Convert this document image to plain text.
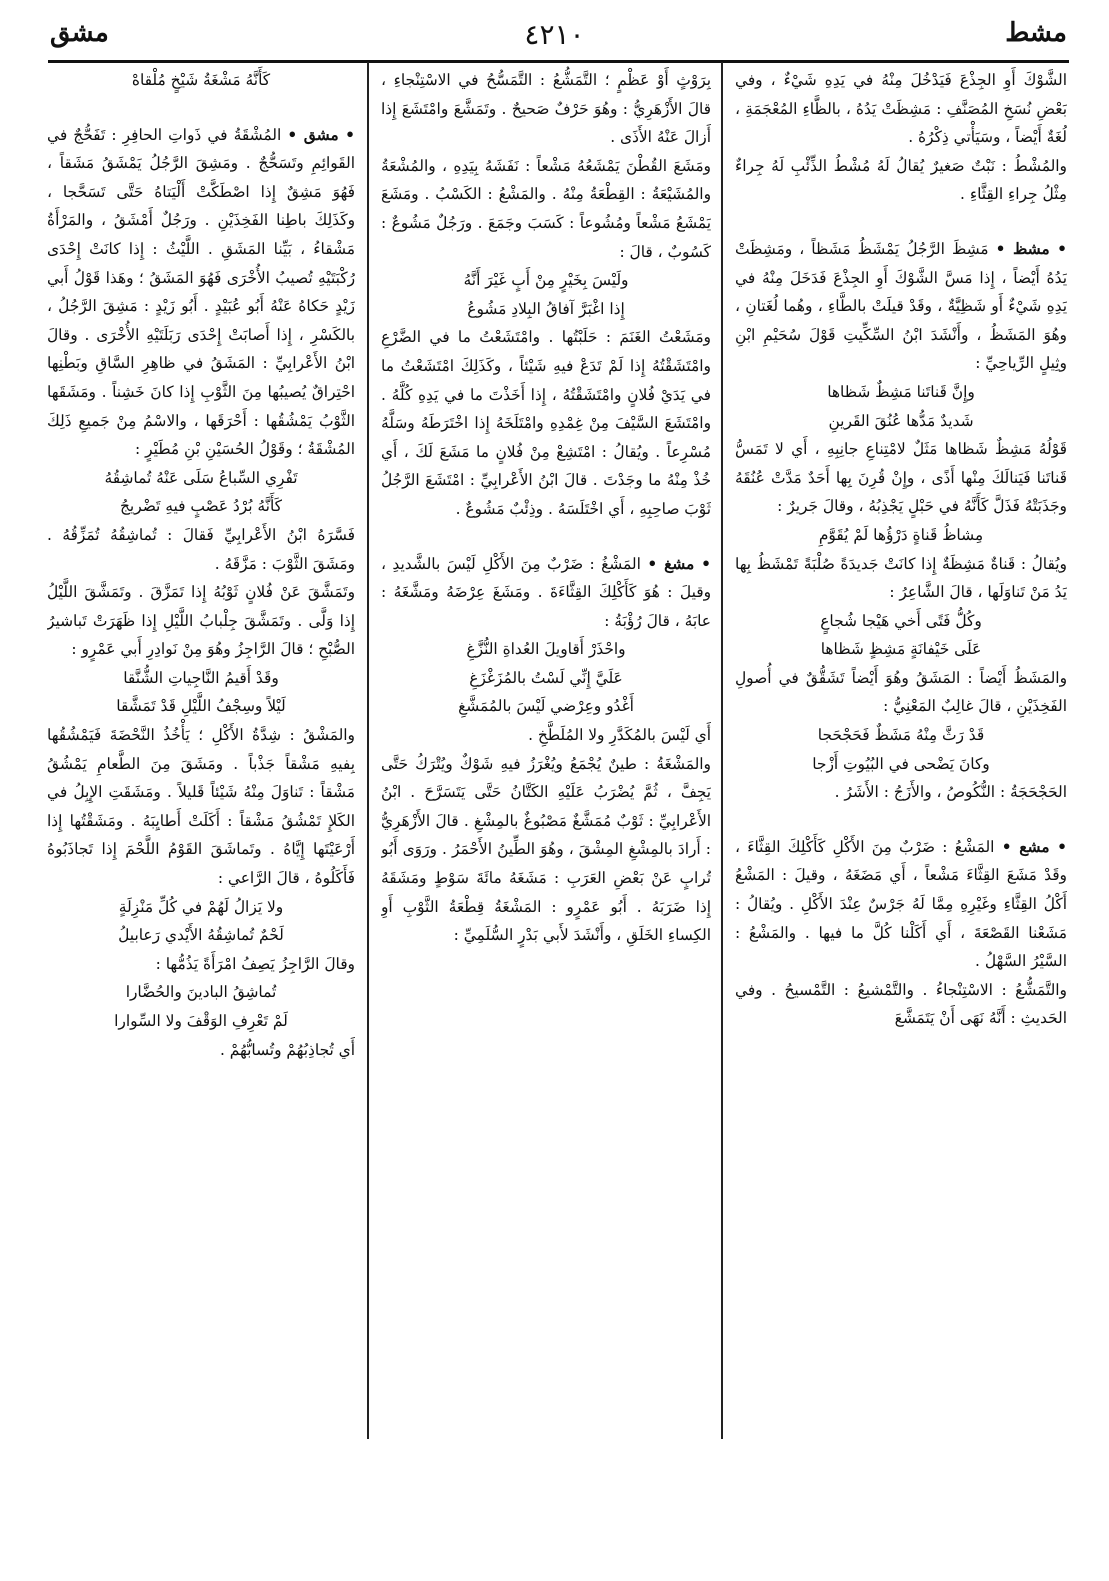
مشط
٤٢١٠
مشق

الشَّوْكَ أَوِ الجِذْعَ فَيَدْخُلَ مِنْهُ في يَدِهِ شَيْءٌ ، وفي بَعْضِ نُسَخِ المُصَنَّفِ : مَشِظَتْ يَدُهُ ، بالظَّاءِ المُعْجَمَةِ ، لُغَةٌ أَيْضاً ، وسَيَأْتي ذِكْرُهُ .

والمُشْطُ : نَبْتٌ صَغيرٌ يُقالُ لَهُ مُشْطُ الذِّئْبِ لَهُ جِراءٌ مِثْلُ جِراءِ القِثَّاءِ .

• مشظ • مَشِظَ الرَّجُلُ يَمْشَظُ مَشَظاً ، ومَشِظَتْ يَدُهُ أَيْضاً ، إِذا مَسَّ الشَّوْكَ أَوِ الجِذْعَ فَدَخَلَ مِنْهُ في يَدِهِ شَيْءٌ أَو شَظِيَّةٌ ، وقَدْ قيلَتْ بالطَّاءِ ، وهُما لُغَتانِ ، وهُوَ المَشَظُ ، وأَنْشَدَ ابْنُ السِّكِّيتِ قَوْلَ سُحَيْمِ ابْنِ وثِيلٍ الرِّياحِيِّ :

وإِنَّ قَناتَنا مَشِظٌ شَظاها
شَديدٌ مَدُّها عُنُقَ القَرينِ

قَوْلُهُ مَشِظٌ شَظاها مَثَلٌ لامْتِناعِ جانِبِهِ ، أَي لا تَمَسُّ قَناتَنا فَيَنالَكَ مِنْها أَذًى ، وإِنْ قُرِنَ بِها أَحَدٌ مَدَّتْ عُنُقَهُ وجَذَبَتْهُ فَذَلَّ كَأَنَّهُ في حَبْلٍ يَجْذِبُهُ ، وقالَ جَريرٌ :

مِشاظُ قَناةٍ دَرْؤُها لَمْ يُقَوَّمِ

ويُقالُ : قَناةٌ مَشِظَةٌ إِذا كانَتْ جَديدَةً صُلْبَةً تَمْشَظُ بِها يَدُ مَنْ تَناوَلَها ، قالَ الشَّاعِرُ :

وكُلُّ فَتًى أَخي هَيْجا شُجاعٍ
عَلَى خَيْفانَةٍ مَشِظٍ شَظاها

والمَشَظُ أَيْضاً : المَشَقُ وهُوَ أَيْضاً تَشَقُّقٌ في أُصولِ الفَخِذَيْنِ ، قالَ غالِبٌ المَعْنِيُّ :

قَدْ رَثَّ مِنْهُ مَشَظٌ فَحَجْحَجا
وكانَ يَضْحى في البُيُوتِ أَزْجا

الحَجْحَجَةُ : النُّكُوصُ ، والأَزَجُ : الأَشَرُ .

• مشع • المَشْعُ : ضَرْبٌ مِنَ الأَكْلِ كَأَكْلِكَ القِثَّاءَ ، وقَدْ مَشَعَ القِثَّاءَ مَشْعاً ، أَي مَضَغَهُ ، وقيلَ : المَشْعُ أَكْلُ القِثَّاءِ وغَيْرِهِ مِمَّا لَهُ جَرْسٌ عِنْدَ الأَكْلِ . ويُقالُ : مَشَعْنا القَصْعَةَ ، أَي أَكَلْنا كُلَّ ما فيها . والمَشْعُ : السَّيْرُ السَّهْلُ .

والتَّمَشُّعُ : الاسْتِنْجاءُ . والتَّمْشيعُ : التَّمْسيحُ . وفي الحَديثِ : أَنَّهُ نَهَى أَنْ يَتَمَشَّعَ

بِرَوْثٍ أَوْ عَظْمٍ ؛ التَّمَشُّعُ : التَّمَسُّحُ في الاسْتِنْجاءِ ، قالَ الأَزْهَرِيُّ : وهُوَ حَرْفٌ صَحيحٌ . وتَمَشَّعَ وامْتَشَعَ إِذا أَزالَ عَنْهُ الأَذَى .

ومَشَعَ القُطْنَ يَمْشَعُهُ مَشْعاً : نَفَشَهُ بِيَدِهِ ، والمُشْعَةُ والمُشَيْعَةُ : القِطْعَةُ مِنْهُ . والمَشْعُ : الكَسْبُ . ومَشَعَ يَمْشَعُ مَشْعاً ومُشُوعاً : كَسَبَ وجَمَعَ . ورَجُلٌ مَشُوعٌ : كَسُوبٌ ، قالَ :

ولَيْسَ بِخَيْرٍ مِنْ أَبٍ غَيْرَ أَنَّهُ
إِذا اغْبَرَّ آفاقُ البِلادِ مَشُوعُ

ومَشَعْتُ الغَنَمَ : حَلَبْتُها . وامْتَشَعْتُ ما في الضَّرْعِ وامْتَشَقْتُهُ إِذا لَمْ تَدَعْ فيهِ شَيْئاً ، وكَذَلِكَ امْتَشَعْتُ ما في يَدَيْ فُلانٍ وامْتَشَقْتُهُ ، إِذا أَخَذْتَ ما في يَدِهِ كُلَّهُ . وامْتَشَعَ السَّيْفَ مِنْ غِمْدِهِ وامْتَلَخَهُ إِذا اخْتَرَطَهُ وسَلَّهُ مُسْرِعاً . ويُقالُ : امْتَشِعْ مِنْ فُلانٍ ما مَشَعَ لَكَ ، أَي خُذْ مِنْهُ ما وجَدْتَ . قالَ ابْنُ الأَعْرابِيِّ : امْتَشَعَ الرَّجُلُ ثَوْبَ صاحِبِهِ ، أَي اخْتَلَسَهُ . وذِئْبٌ مَشُوعٌ .

• مشغ • المَشْغُ : ضَرْبٌ مِنَ الأَكْلِ لَيْسَ بالشَّديدِ ، وقيلَ : هُوَ كَأَكْلِكَ القِثَّاءَةَ . ومَشَغَ عِرْضَهُ ومَشَّغَهُ : عابَهُ ، قالَ رُؤْبَةُ :

واحْذَرْ أَقاويلَ العُداةِ النُّزَّغِ
عَلَيَّ إِنِّي لَسْتُ بالمُزَغْزَغِ
أَغْدُو وعِرْضي لَيْسَ بالمُمَشَّغِ

أَي لَيْسَ بالمُكَدَّرِ ولا المُلَطَّخِ .

والمَشْغَةُ : طينٌ يُجْمَعُ ويُغْرَزُ فيهِ شَوْكٌ ويُتْرَكُ حَتَّى يَجِفَّ ، ثُمَّ يُضْرَبُ عَلَيْهِ الكَتَّانُ حَتَّى يَتَسَرَّحَ . ابْنُ الأَعْرابِيِّ : ثَوْبٌ مُمَشَّغٌ مَصْبُوغٌ بالمِشْغِ . قالَ الأَزْهَرِيُّ : أَرادَ بالمِشْغِ المِشْقَ ، وهُوَ الطِّينُ الأَحْمَرُ . ورَوَى أَبُو تُرابٍ عَنْ بَعْضِ العَرَبِ : مَشَغَهُ مائَةَ سَوْطٍ ومَشَقَهُ إِذا ضَرَبَهُ . أَبُو عَمْرٍو : المَشْغَةُ قِطْعَةُ الثَّوْبِ أَوِ الكِساءِ الخَلَقِ ، وأَنْشَدَ لأَبي بَدْرٍ السُّلَمِيِّ :

كَأَنَّهُ مَشْغَةُ شَيْخٍ مُلْقاهْ

• مشق • المُشْقَةُ في ذَواتِ الحافِرِ : تَفَحُّجٌ في القَوائِمِ وتَسَحُّجٌ . ومَشِقَ الرَّجُلُ يَمْشَقُ مَشَقاً ، فَهُوَ مَشِقٌ إِذا اصْطَكَّتْ أَلْيَتاهُ حَتَّى تَسَحَّجا ، وكَذَلِكَ باطِنا الفَخِذَيْنِ . ورَجُلٌ أَمْشَقُ ، والمَرْأَةُ مَشْقاءُ ، بَيِّنا المَشَقِ . اللَّيْثُ : إِذا كانَتْ إِحْدَى رُكْبَتَيْهِ تُصيبُ الأُخْرَى فَهُوَ المَشَقُ ؛ وهَذا قَوْلُ أَبي زَيْدٍ حَكاهُ عَنْهُ أَبُو عُبَيْدٍ . أَبُو زَيْدٍ : مَشِقَ الرَّجُلُ ، بالكَسْرِ ، إِذا أَصابَتْ إِحْدَى رَبَلَتَيْهِ الأُخْرَى . وقالَ ابْنُ الأَعْرابِيِّ : المَشَقُ في ظاهِرِ السَّاقِ وبَطْنِها احْتِراقٌ يُصيبُها مِنَ الثَّوْبِ إِذا كانَ خَشِناً . ومَشَقَها الثَّوْبُ يَمْشُقُها : أَحْرَقَها ، والاسْمُ مِنْ جَميعِ ذَلِكَ المُشْقَةُ ؛ وقَوْلُ الحُسَيْنِ بْنِ مُطَيْرٍ :

تَفْرِي السِّباعُ سَلَى عَنْهُ تُماشِقُهُ
كَأَنَّهُ بُرْدُ عَصْبٍ فيهِ تَضْريجُ

فَسَّرَهُ ابْنُ الأَعْرابِيِّ فَقالَ : تُماشِقُهُ تُمَزِّقُهُ . ومَشَقَ الثَّوْبَ : مَزَّقَهُ .

وتَمَشَّقَ عَنْ فُلانٍ ثَوْبُهُ إِذا تَمَزَّقَ . وتَمَشَّقَ اللَّيْلُ إِذا وَلَّى . وتَمَشَّقَ جِلْبابُ اللَّيْلِ إِذا ظَهَرَتْ تَباشيرُ الصُّبْحِ ؛ قالَ الرَّاجِزُ وهُوَ مِنْ نَوادِرِ أَبي عَمْرٍو :

وقَدْ أَقيمُ النَّاجِياتِ الشُّنَّقا
لَيْلاً وسِجْفُ اللَّيْلِ قَدْ تَمَشَّقا

والمَشْقُ : شِدَّةُ الأَكْلِ ؛ يَأْخُذُ النَّحْضَةَ فَيَمْشُقُها بِفيهِ مَشْقاً جَذْباً . ومَشَقَ مِنَ الطَّعامِ يَمْشُقُ مَشْقاً : تَناوَلَ مِنْهُ شَيْئاً قَليلاً . ومَشَقَتِ الإِبِلُ في الكَلإِ تَمْشُقُ مَشْقاً : أَكَلَتْ أَطايِبَهُ . ومَشَقْتُها إِذا أَرْعَيْتَها إِيَّاهُ . وتَماشَقَ القَوْمُ اللَّحْمَ إِذا تَجاذَبُوهُ فَأَكَلُوهُ ، قالَ الرَّاعي :

ولا يَزالُ لَهُمْ في كُلِّ مَنْزِلَةٍ
لَحْمٌ تُماشِقُهُ الأَيْدي رَعابيلُ

وقالَ الرَّاجِزُ يَصِفُ امْرَأَةً يَذُمُّها :

تُماشِقُ البادينَ والحُضَّارا
لَمْ تَعْرِفِ الوَقْفَ ولا السِّوارا

أَي تُجاذِبُهُمْ وتُسابُّهُمْ .
